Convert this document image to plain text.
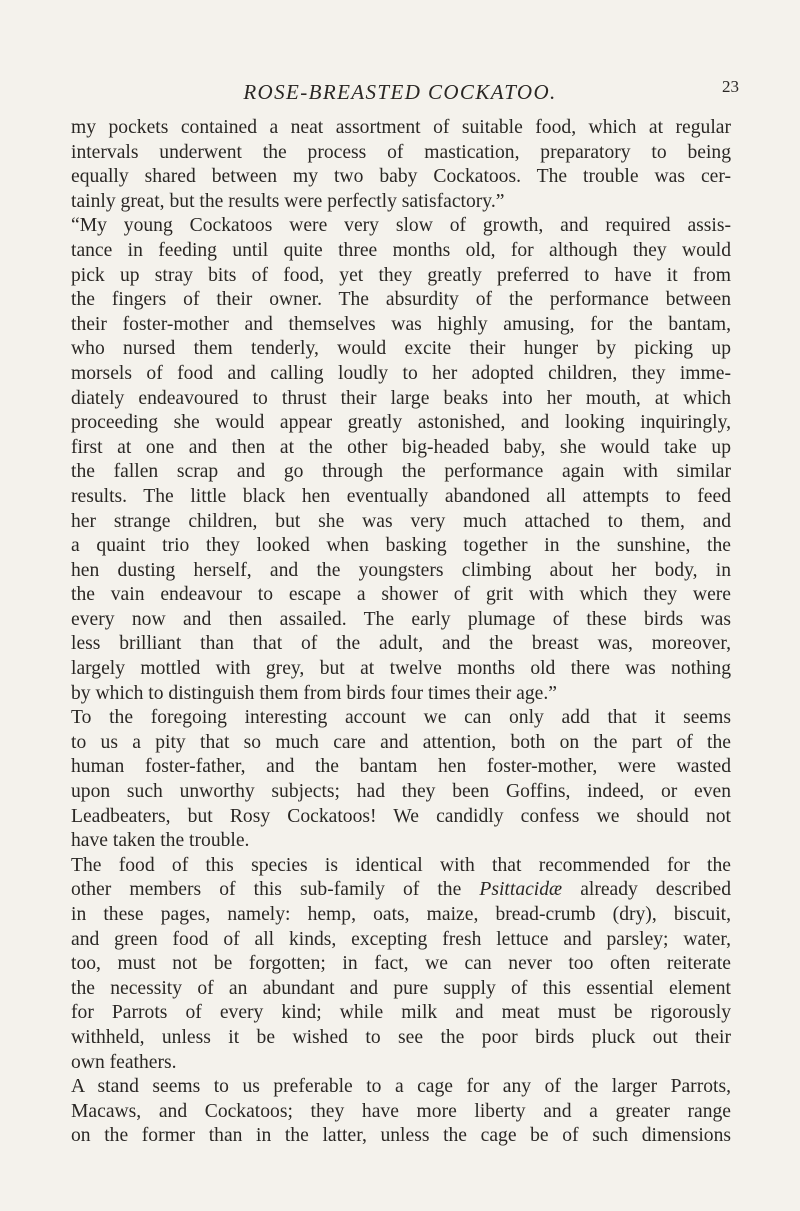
ROSE-BREASTED COCKATOO.	23
my pockets contained a neat assortment of suitable food, which at regular
intervals underwent the process of mastication, preparatory to being
equally shared between my two baby Cockatoos. The trouble was cer-
tainly great, but the results were perfectly satisfactory.”
“My young Cockatoos were very slow of growth, and required assis-
tance in feeding until quite three months old, for although they would
pick up stray bits of food, yet they greatly preferred to have it from
the fingers of their owner. The absurdity of the performance between
their foster-mother and themselves was highly amusing, for the bantam,
who nursed them tenderly, would excite their hunger by picking up
morsels of food and calling loudly to her adopted children, they imme-
diately endeavoured to thrust their large beaks into her mouth, at which
proceeding she would appear greatly astonished, and looking inquiringly,
first at one and then at the other big-headed baby, she would take up
the fallen scrap and go through the performance again with similar
results. The little black hen eventually abandoned all attempts to feed
her strange children, but she was very much attached to them, and
a quaint trio they looked when basking together in the sunshine, the
hen dusting herself, and the youngsters climbing about her body, in
the vain endeavour to escape a shower of grit with which they were
every now and then assailed. The early plumage of these birds was
less brilliant than that of the adult, and the breast was, moreover,
largely mottled with grey, but at twelve months old there was nothing
by which to distinguish them from birds four times their age.”
To the foregoing interesting account we can only add that it seems
to us a pity that so much care and attention, both on the part of the
human foster-father, and the bantam hen foster-mother, were wasted
upon such unworthy subjects; had they been Goffins, indeed, or even
Leadbeaters, but Rosy Cockatoos! We candidly confess we should not
have taken the trouble.
The food of this species is identical with that recommended for the
other members of this sub-family of the Psittacidæ already described
in these pages, namely: hemp, oats, maize, bread-crumb (dry), biscuit,
and green food of all kinds, excepting fresh lettuce and parsley; water,
too, must not be forgotten; in fact, we can never too often reiterate
the necessity of an abundant and pure supply of this essential element
for Parrots of every kind; while milk and meat must be rigorously
withheld, unless it be wished to see the poor birds pluck out their
own feathers.
A stand seems to us preferable to a cage for any of the larger Parrots,
Macaws, and Cockatoos; they have more liberty and a greater range
on the former than in the latter, unless the cage be of such dimensions
